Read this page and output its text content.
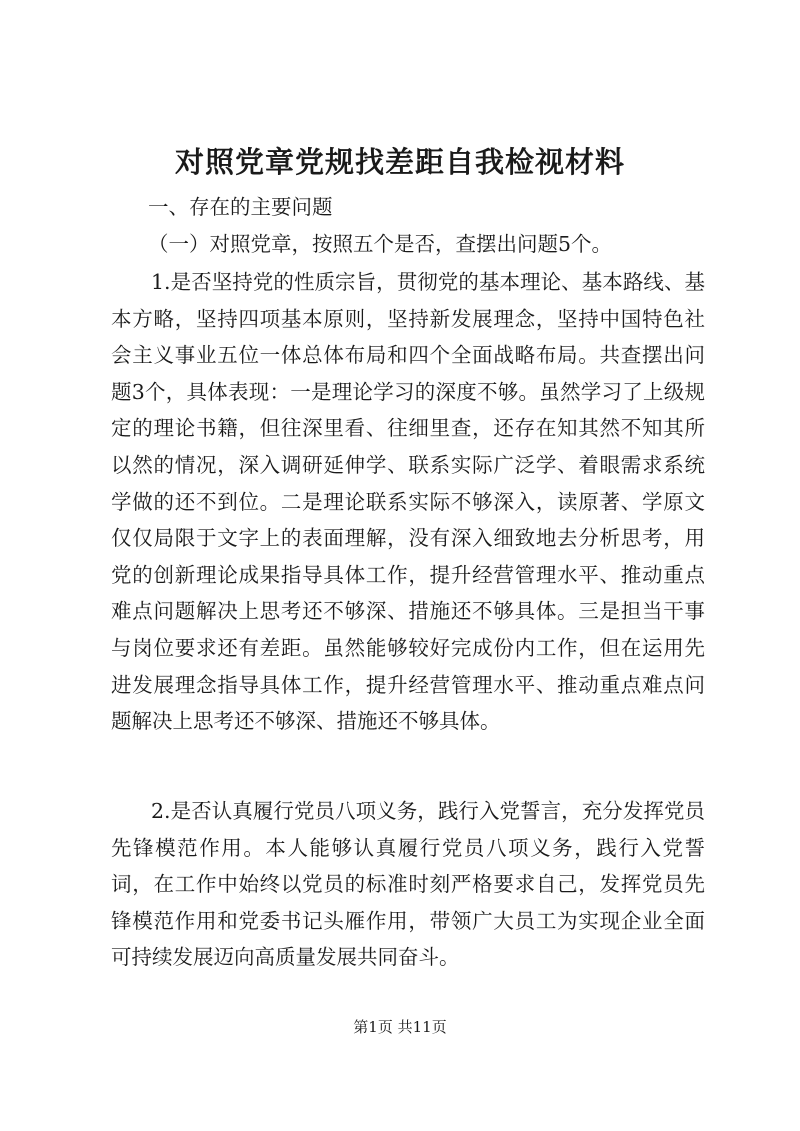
对照党章党规找差距自我检视材料
一、存在的主要问题
（一）对照党章，按照五个是否，查摆出问题5个。

1.是否坚持党的性质宗旨，贯彻党的基本理论、基本路线、基本方略，坚持四项基本原则，坚持新发展理念，坚持中国特色社会主义事业五位一体总体布局和四个全面战略布局。共查摆出问题3个，具体表现：一是理论学习的深度不够。虽然学习了上级规定的理论书籍，但往深里看、往细里查，还存在知其然不知其所以然的情况，深入调研延伸学、联系实际广泛学、着眼需求系统学做的还不到位。二是理论联系实际不够深入，读原著、学原文仅仅局限于文字上的表面理解，没有深入细致地去分析思考，用党的创新理论成果指导具体工作，提升经营管理水平、推动重点难点问题解决上思考还不够深、措施还不够具体。三是担当干事与岗位要求还有差距。虽然能够较好完成份内工作，但在运用先进发展理念指导具体工作，提升经营管理水平、推动重点难点问题解决上思考还不够深、措施还不够具体。

2.是否认真履行党员八项义务，践行入党誓言，充分发挥党员先锋模范作用。本人能够认真履行党员八项义务，践行入党誓词，在工作中始终以党员的标准时刻严格要求自己，发挥党员先锋模范作用和党委书记头雁作用，带领广大员工为实现企业全面可持续发展迈向高质量发展共同奋斗。

第1页 共11页
